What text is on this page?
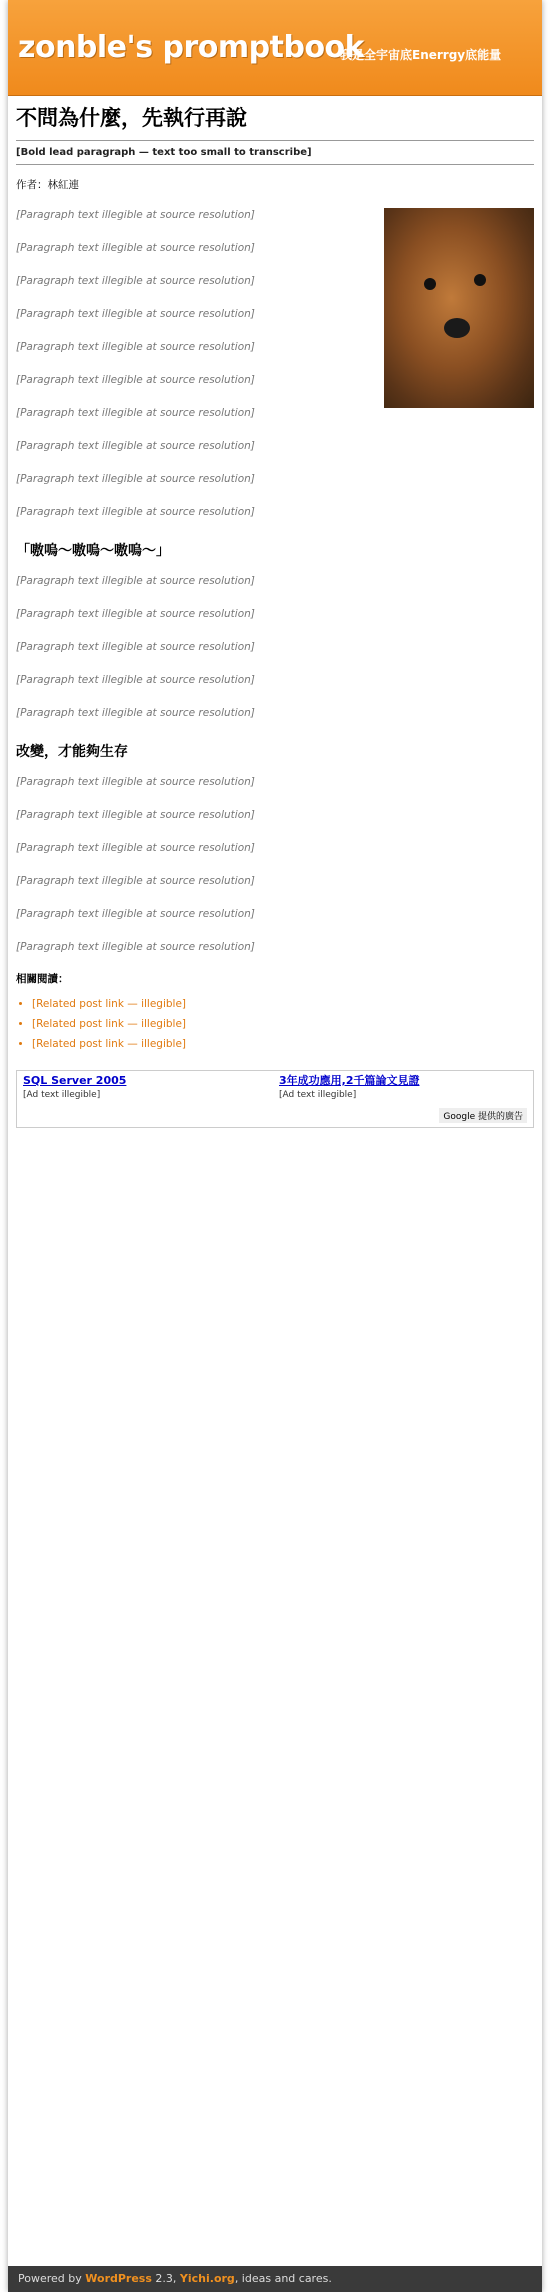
zonble's promptbook
我是全宇宙底Enerrgy底能量
不問為什麼，先執行再說
[Bold lead paragraph — text too small to transcribe]
作者：林紅連

[Paragraph text illegible at source resolution]

[Paragraph text illegible at source resolution]

[Paragraph text illegible at source resolution]

[Paragraph text illegible at source resolution]

[Paragraph text illegible at source resolution]

[Paragraph text illegible at source resolution]

[Paragraph text illegible at source resolution]

[Paragraph text illegible at source resolution]

[Paragraph text illegible at source resolution]

[Paragraph text illegible at source resolution]

「嗷嗚～嗷嗚～嗷嗚～」

[Paragraph text illegible at source resolution]

[Paragraph text illegible at source resolution]

[Paragraph text illegible at source resolution]

[Paragraph text illegible at source resolution]

[Paragraph text illegible at source resolution]

改變，才能夠生存

[Paragraph text illegible at source resolution]

[Paragraph text illegible at source resolution]

[Paragraph text illegible at source resolution]

[Paragraph text illegible at source resolution]

[Paragraph text illegible at source resolution]

[Paragraph text illegible at source resolution]

相關閱讀：
• [Related post link — illegible]
• [Related post link — illegible]
• [Related post link — illegible]
SQL Server 2005
[Ad text illegible]
3年成功應用,2千篇論文見證
[Ad text illegible]
Google 提供的廣告
Powered by WordPress 2.3, Yichi.org, ideas and cares.
